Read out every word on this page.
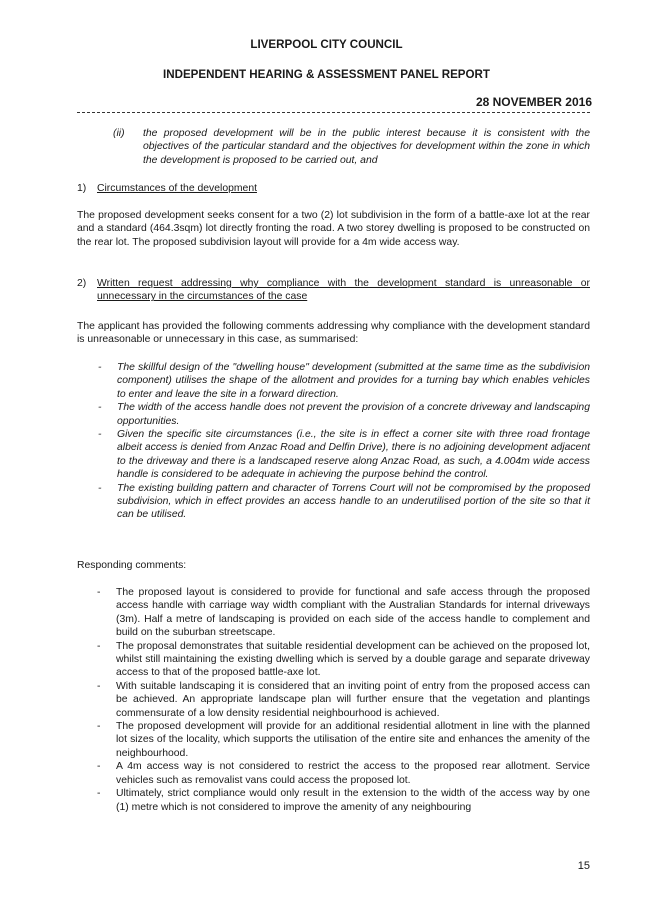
LIVERPOOL CITY COUNCIL
INDEPENDENT HEARING & ASSESSMENT PANEL REPORT
28 NOVEMBER 2016
(ii)	the proposed development will be in the public interest because it is consistent with the objectives of the particular standard and the objectives for development within the zone in which the development is proposed to be carried out, and
1)	Circumstances of the development
The proposed development seeks consent for a two (2) lot subdivision in the form of a battle-axe lot at the rear and a standard (464.3sqm) lot directly fronting the road. A two storey dwelling is proposed to be constructed on the rear lot. The proposed subdivision layout will provide for a 4m wide access way.
2)	Written request addressing why compliance with the development standard is unreasonable or unnecessary in the circumstances of the case
The applicant has provided the following comments addressing why compliance with the development standard is unreasonable or unnecessary in this case, as summarised:
- The skillful design of the "dwelling house" development (submitted at the same time as the subdivision component) utilises the shape of the allotment and provides for a turning bay which enables vehicles to enter and leave the site in a forward direction.
- The width of the access handle does not prevent the provision of a concrete driveway and landscaping opportunities.
- Given the specific site circumstances (i.e., the site is in effect a corner site with three road frontage albeit access is denied from Anzac Road and Delfin Drive), there is no adjoining development adjacent to the driveway and there is a landscaped reserve along Anzac Road, as such, a 4.004m wide access handle is considered to be adequate in achieving the purpose behind the control.
- The existing building pattern and character of Torrens Court will not be compromised by the proposed subdivision, which in effect provides an access handle to an underutilised portion of the site so that it can be utilised.
Responding comments:
- The proposed layout is considered to provide for functional and safe access through the proposed access handle with carriage way width compliant with the Australian Standards for internal driveways (3m). Half a metre of landscaping is provided on each side of the access handle to complement and build on the suburban streetscape.
- The proposal demonstrates that suitable residential development can be achieved on the proposed lot, whilst still maintaining the existing dwelling which is served by a double garage and separate driveway access to that of the proposed battle-axe lot.
- With suitable landscaping it is considered that an inviting point of entry from the proposed access can be achieved. An appropriate landscape plan will further ensure that the vegetation and plantings commensurate of a low density residential neighbourhood is achieved.
- The proposed development will provide for an additional residential allotment in line with the planned lot sizes of the locality, which supports the utilisation of the entire site and enhances the amenity of the neighbourhood.
- A 4m access way is not considered to restrict the access to the proposed rear allotment. Service vehicles such as removalist vans could access the proposed lot.
- Ultimately, strict compliance would only result in the extension to the width of the access way by one (1) metre which is not considered to improve the amenity of any neighbouring
15
